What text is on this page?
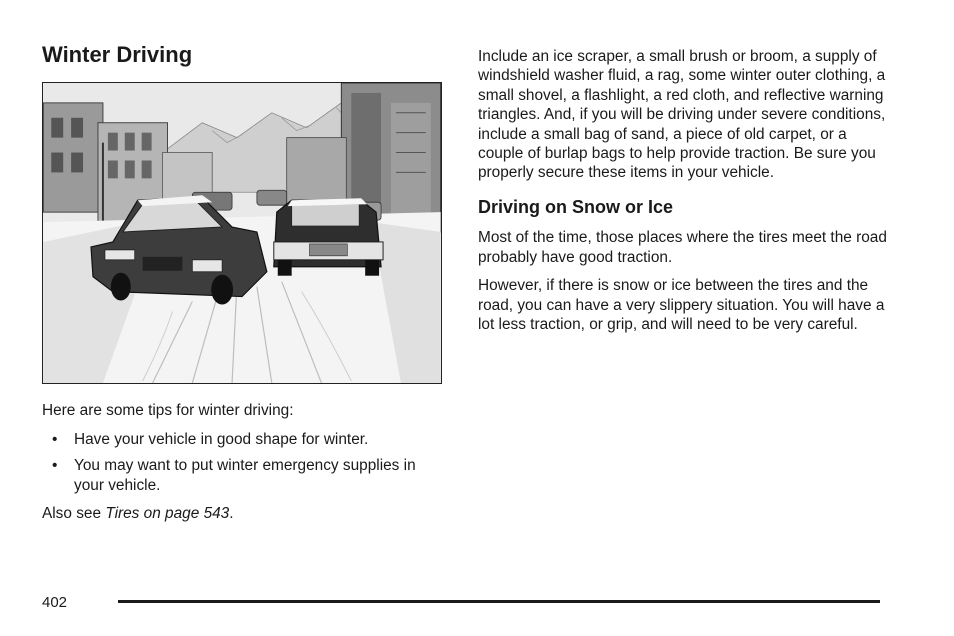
Winter Driving

Here are some tips for winter driving:

• Have your vehicle in good shape for winter.
• You may want to put winter emergency supplies in your vehicle.

Also see Tires on page 543.

Include an ice scraper, a small brush or broom, a supply of windshield washer fluid, a rag, some winter outer clothing, a small shovel, a flashlight, a red cloth, and reflective warning triangles. And, if you will be driving under severe conditions, include a small bag of sand, a piece of old carpet, or a couple of burlap bags to help provide traction. Be sure you properly secure these items in your vehicle.

Driving on Snow or Ice

Most of the time, those places where the tires meet the road probably have good traction.

However, if there is snow or ice between the tires and the road, you can have a very slippery situation. You will have a lot less traction, or grip, and will need to be very careful.

402
